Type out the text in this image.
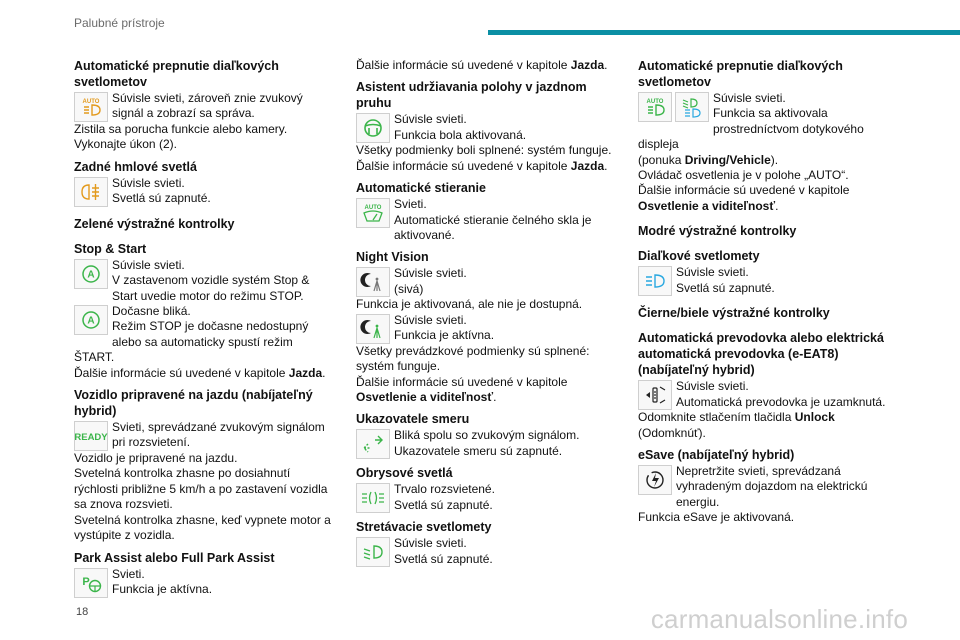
Palubné prístroje
Automatické prepnutie diaľkových svetlometov
AUTO	Súvisle svieti, zároveň znie zvukový signál a zobrazí sa správa.
Zistila sa porucha funkcie alebo kamery.
Vykonajte úkon (2).
Zadné hmlové svetlá
Súvisle svieti.
Svetlá sú zapnuté.
Zelené výstražné kontrolky
Stop & Start
A
Súvisle svieti.
V zastavenom vozidle systém Stop & Start uvedie motor do režimu STOP.
A
Dočasne bliká.
Režim STOP je dočasne nedostupný alebo sa automaticky spustí režim ŠTART.
Ďalšie informácie sú uvedené v kapitole Jazda.
Vozidlo pripravené na jazdu (nabíjateľný hybrid)
READY
Svieti, sprevádzané zvukovým signálom pri rozsvietení.
Vozidlo je pripravené na jazdu.
Svetelná kontrolka zhasne po dosiahnutí rýchlosti približne 5 km/h a po zastavení vozidla sa znova rozsvieti.
Svetelná kontrolka zhasne, keď vypnete motor a vystúpite z vozidla.
Park Assist alebo Full Park Assist
P
Svieti.
Funkcia je aktívna.
Ďalšie informácie sú uvedené v kapitole Jazda.
Asistent udržiavania polohy v jazdnom pruhu
Súvisle svieti.
Funkcia bola aktivovaná.
Všetky podmienky boli splnené: systém funguje.
Ďalšie informácie sú uvedené v kapitole Jazda.
Automatické stieranie
AUTO	Svieti.
Automatické stieranie čelného skla je aktivované.
Night Vision
Súvisle svieti.
(sivá)
Funkcia je aktivovaná, ale nie je dostupná.
Súvisle svieti.
Funkcia je aktívna.
Všetky prevádzkové podmienky sú splnené: systém funguje.
Ďalšie informácie sú uvedené v kapitole Osvetlenie a viditeľnosť.
Ukazovatele smeru
Bliká spolu so zvukovým signálom.
Ukazovatele smeru sú zapnuté.
Obrysové svetlá
Trvalo rozsvietené.
Svetlá sú zapnuté.
Stretávacie svetlomety
Súvisle svieti.
Svetlá sú zapnuté.
Automatické prepnutie diaľkových svetlometov
AUTO	Súvisle svieti.
Funkcia sa aktivovala prostredníctvom dotykového displeja
(ponuka Driving/Vehicle).
Ovládač osvetlenia je v polohe „AUTO“.
Ďalšie informácie sú uvedené v kapitole Osvetlenie a viditeľnosť.
Modré výstražné kontrolky
Diaľkové svetlomety
Súvisle svieti.
Svetlá sú zapnuté.
Čierne/biele výstražné kontrolky
Automatická prevodovka alebo elektrická automatická prevodovka (e-EAT8) (nabíjateľný hybrid)
Súvisle svieti.
Automatická prevodovka je uzamknutá.
Odomknite stlačením tlačidla Unlock
(Odomknúť).
eSave (nabíjateľný hybrid)
Nepretržite svieti, sprevádzaná vyhradeným dojazdom na elektrickú energiu.
Funkcia eSave je aktivovaná.
18	carmanualsonline.info
